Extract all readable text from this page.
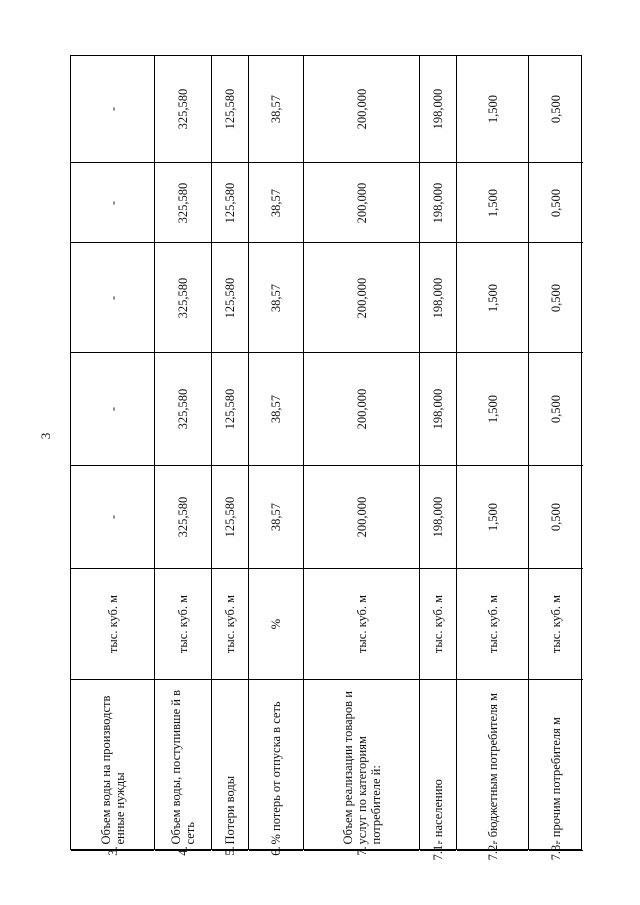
3
-
-
-
-
-
тыс. куб. м
Объем воды на производств енные нужды
3.
325,580
325,580
325,580
325,580
325,580
тыс. куб. м
Объем воды, поступивше й в сеть
4.
125,580
125,580
125,580
125,580
125,580
тыс. куб. м
Потери воды
5.
38,57
38,57
38,57
38,57
38,57
%
% потерь от отпуска в сеть
6.
200,000
200,000
200,000
200,000
200,000
тыс. куб. м
Объем реализации товаров и услуг по категориям потребителе й:
7.
198,000
198,000
198,000
198,000
198,000
тыс. куб. м
- населению
7.1.
1,500
1,500
1,500
1,500
1,500
тыс. куб. м
- бюджетным потребителя м
7.2.
0,500
0,500
0,500
0,500
0,500
тыс. куб. м
- прочим потребителя м
7.3.
